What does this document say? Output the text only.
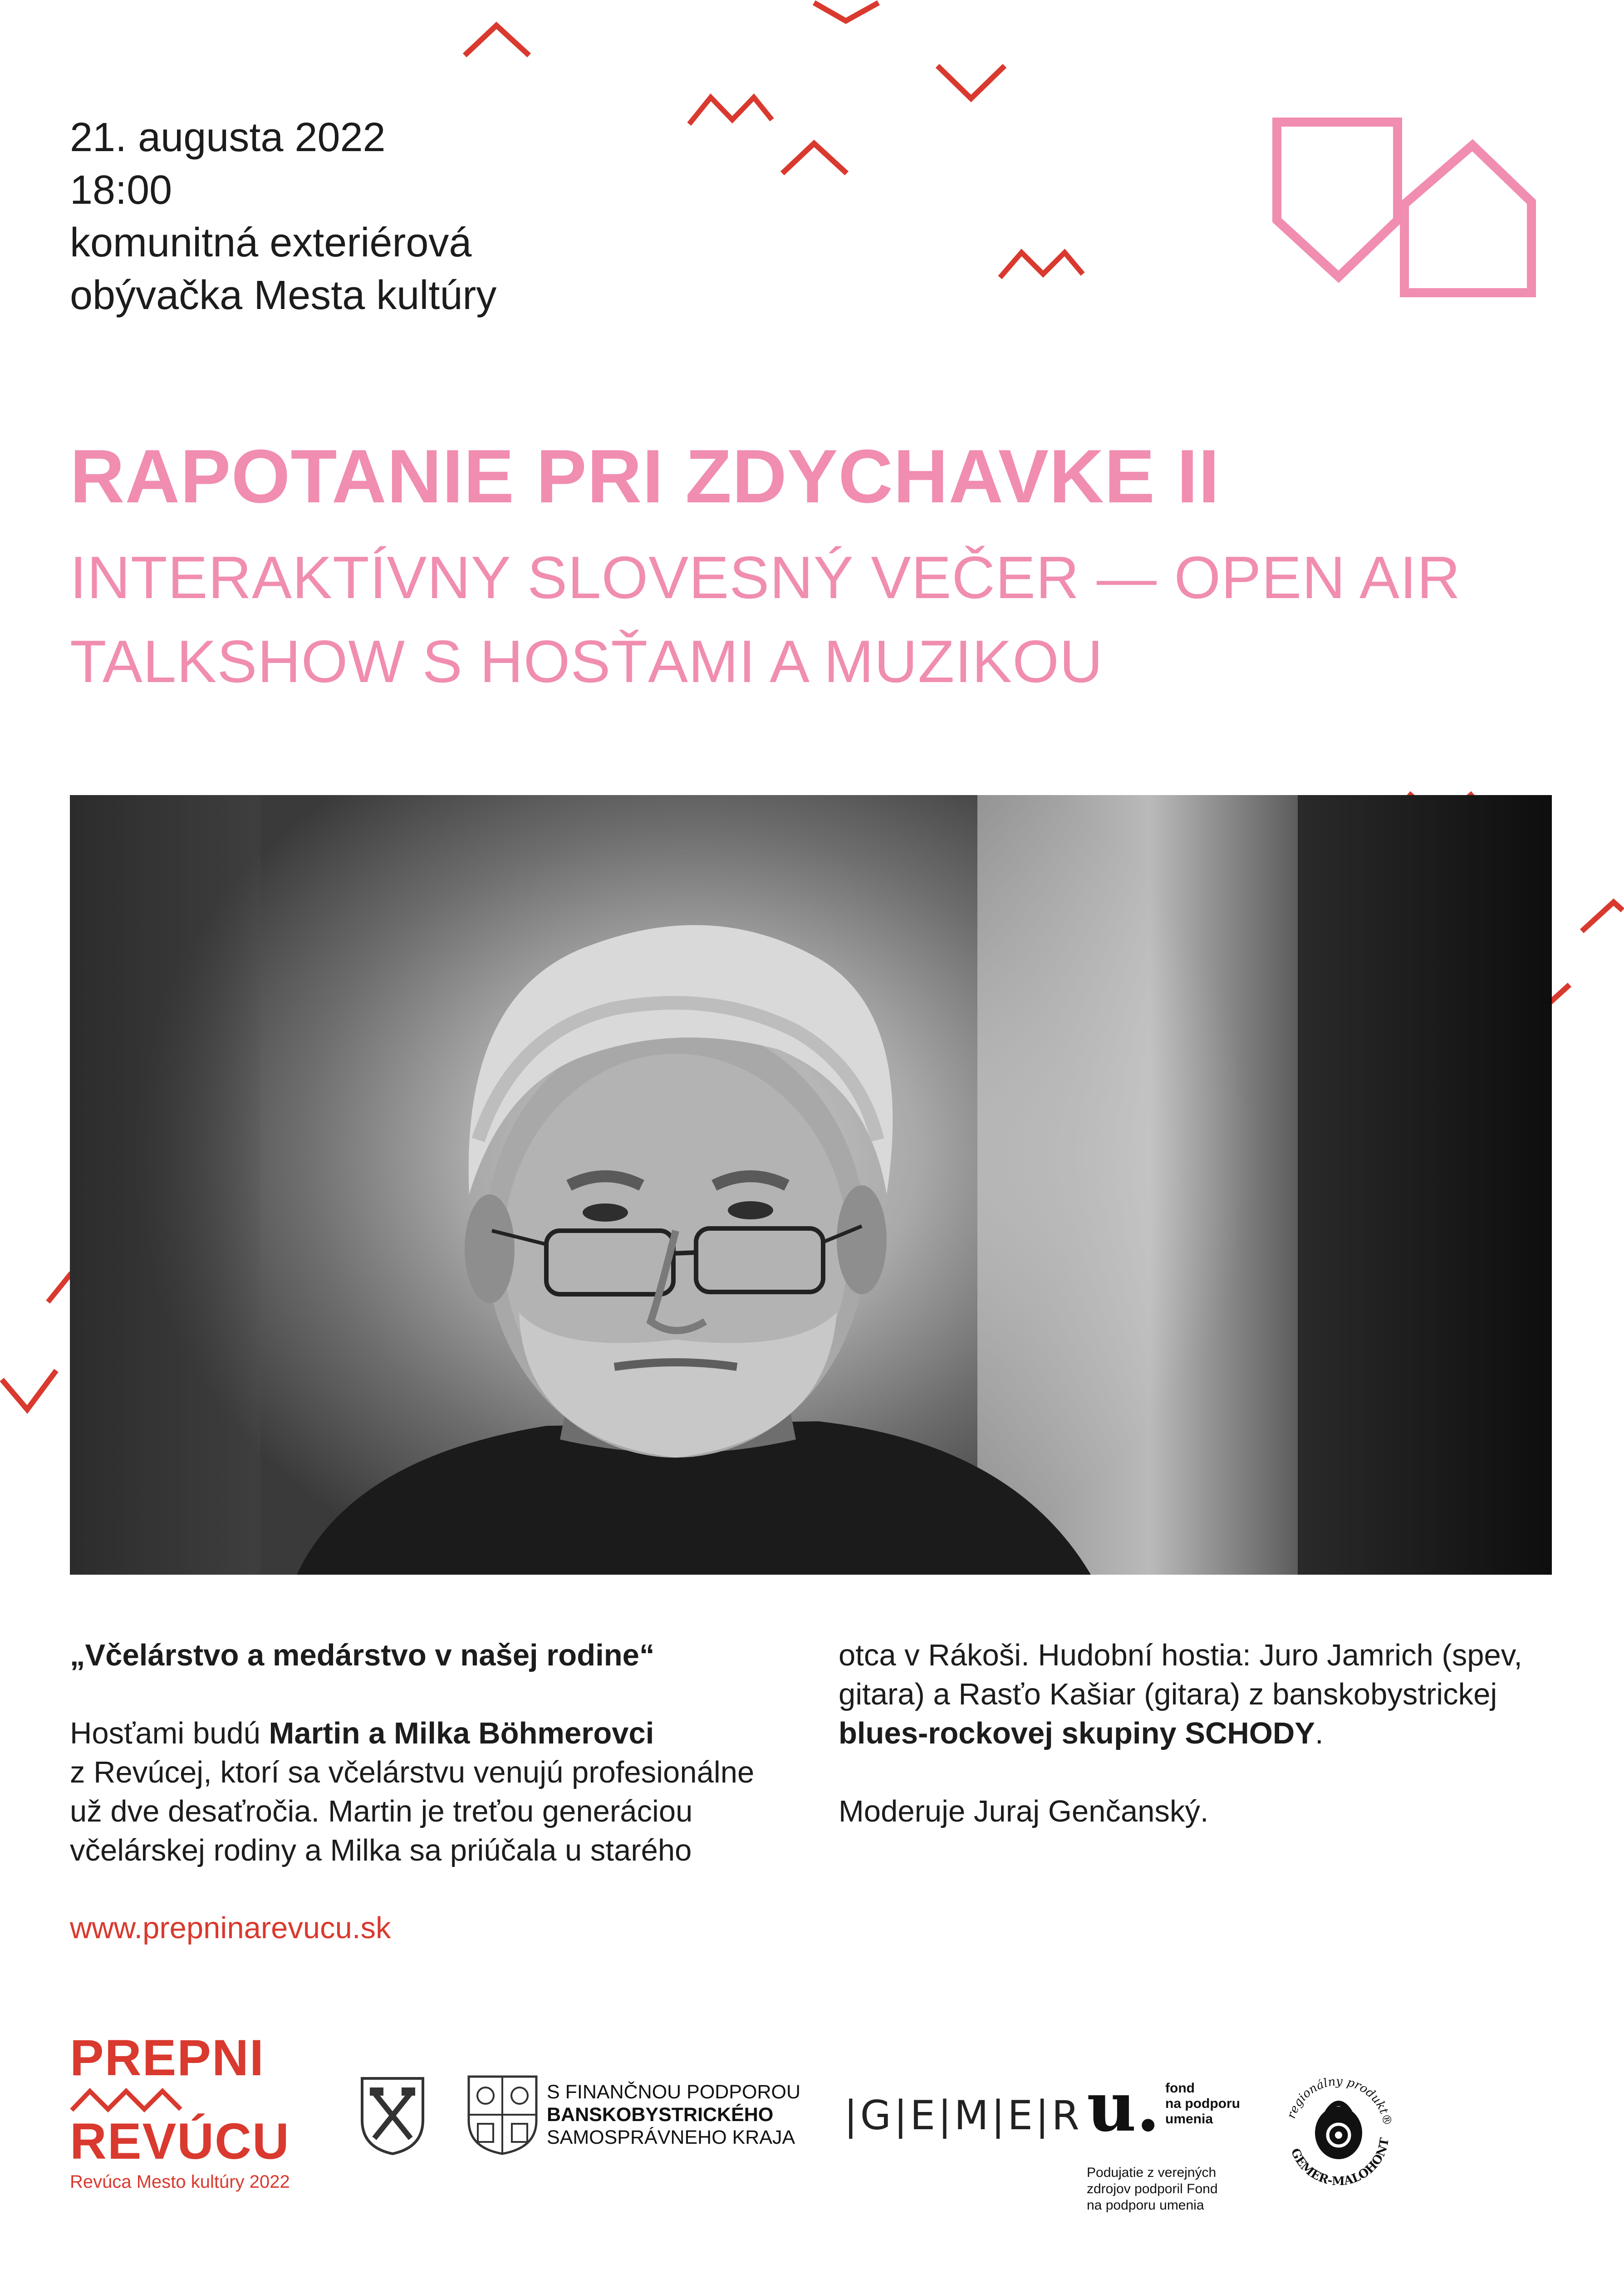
21. augusta 2022
18:00
komunitná exteriérová
obývačka Mesta kultúry
RAPOTANIE PRI ZDYCHAVKE II
INTERAKTÍVNY SLOVESNÝ VEČER — OPEN AIR
TALKSHOW S HOSŤAMI A MUZIKOU
„Včelárstvo a medárstvo v našej rodine“
Hosťami budú Martin a Milka Böhmerovci
z Revúcej, ktorí sa včelárstvu venujú profesionálne
už dve desaťročia. Martin je treťou generáciou
včelárskej rodiny a Milka sa priúčala u starého
otca v Rákoši. Hudobní hostia: Juro Jamrich (spev,
gitara) a Rasťo Kašiar (gitara) z banskobystrickej
blues-rockovej skupiny SCHODY.
Moderuje Juraj Genčanský.
www.prepninarevucu.sk
PREPNI
REVÚCU
Revúca Mesto kultúry 2022
S FINANČNOU PODPOROU
BANSKOBYSTRICKÉHO
SAMOSPRÁVNEHO KRAJA |G|E|M|E|R u. fond
na podporu
umenia
Podujatie z verejných
zdrojov podporil Fond
na podporu umenia
regionálny produkt®
GEMER-MALOHONT
